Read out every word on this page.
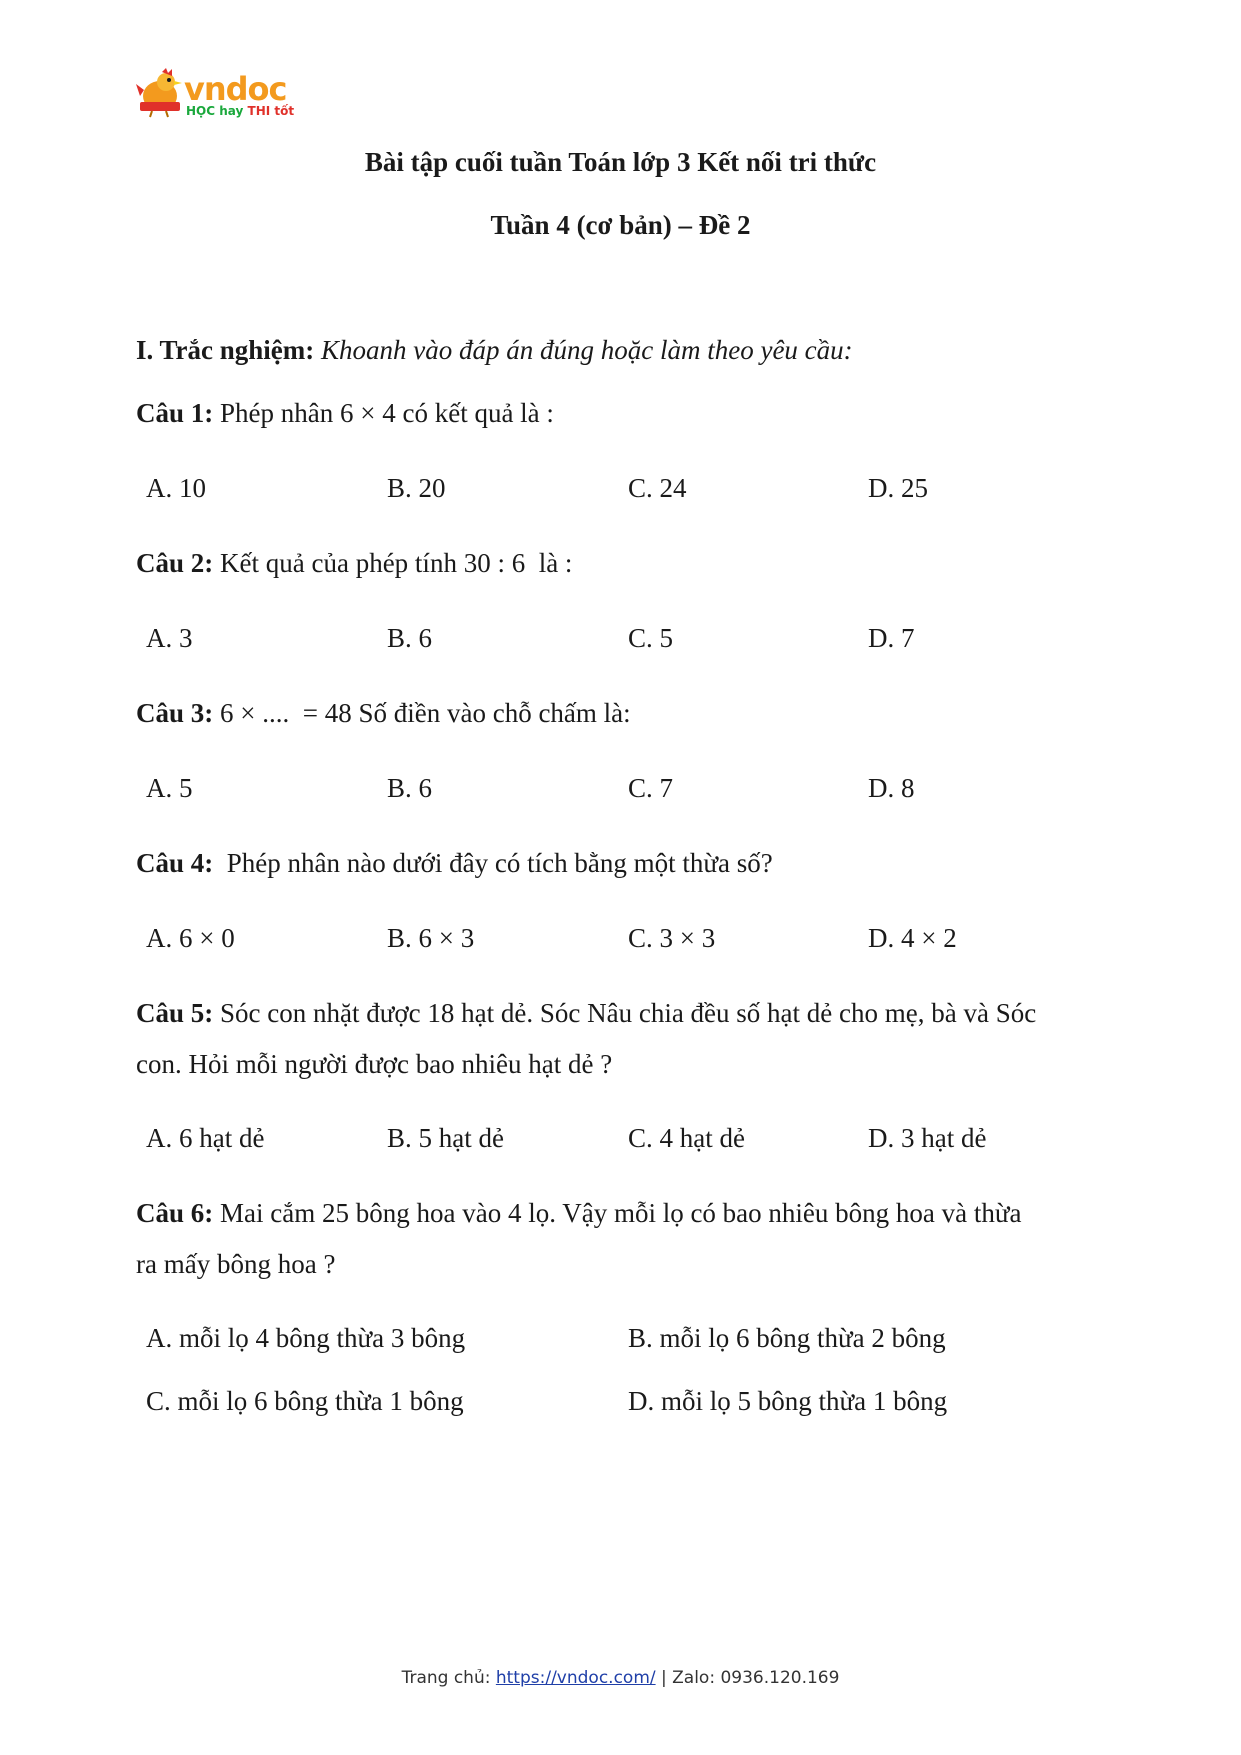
vndoc
HỌC hay THI tốt
Bài tập cuối tuần Toán lớp 3 Kết nối tri thức
Tuần 4 (cơ bản) – Đề 2
I. Trắc nghiệm: Khoanh vào đáp án đúng hoặc làm theo yêu cầu:
Câu 1: Phép nhân 6 × 4 có kết quả là :
A. 10	B. 20	C. 24	D. 25
Câu 2: Kết quả của phép tính 30 : 6  là :
A. 3	B. 6	C. 5	D. 7
Câu 3: 6 × ....  = 48 Số điền vào chỗ chấm là:
A. 5	B. 6	C. 7	D. 8
Câu 4:  Phép nhân nào dưới đây có tích bằng một thừa số?
A. 6 × 0	B. 6 × 3	C. 3 × 3	D. 4 × 2
Câu 5: Sóc con nhặt được 18 hạt dẻ. Sóc Nâu chia đều số hạt dẻ cho mẹ, bà và Sóc
con. Hỏi mỗi người được bao nhiêu hạt dẻ ?
A. 6 hạt dẻ	B. 5 hạt dẻ	C. 4 hạt dẻ	D. 3 hạt dẻ
Câu 6: Mai cắm 25 bông hoa vào 4 lọ. Vậy mỗi lọ có bao nhiêu bông hoa và thừa
ra mấy bông hoa ?
A. mỗi lọ 4 bông thừa 3 bông	B. mỗi lọ 6 bông thừa 2 bông
C. mỗi lọ 6 bông thừa 1 bông	D. mỗi lọ 5 bông thừa 1 bông
Trang chủ: https://vndoc.com/ | Zalo: 0936.120.169
